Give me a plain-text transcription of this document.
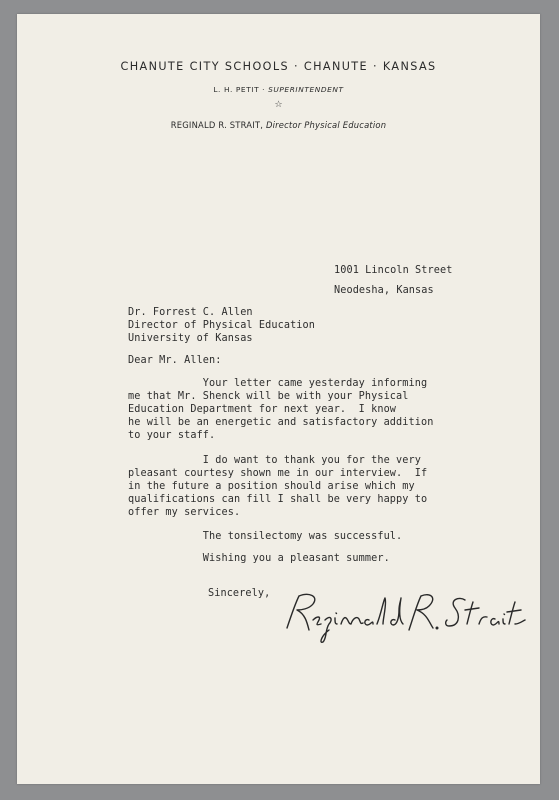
CHANUTE CITY SCHOOLS · CHANUTE · KANSAS
L. H. PETIT · SUPERINTENDENT
☆
REGINALD R. STRAIT, Director Physical Education
1001 Lincoln Street
Neodesha, Kansas
Dr. Forrest C. Allen
Director of Physical Education
University of Kansas
Dear Mr. Allen:
Your letter came yesterday informing
me that Mr. Shenck will be with your Physical
Education Department for next year.  I know
he will be an energetic and satisfactory addition
to your staff.
I do want to thank you for the very
pleasant courtesy shown me in our interview.  If
in the future a position should arise which my
qualifications can fill I shall be very happy to
offer my services.
The tonsilectomy was successful.
Wishing you a pleasant summer.
Sincerely,
